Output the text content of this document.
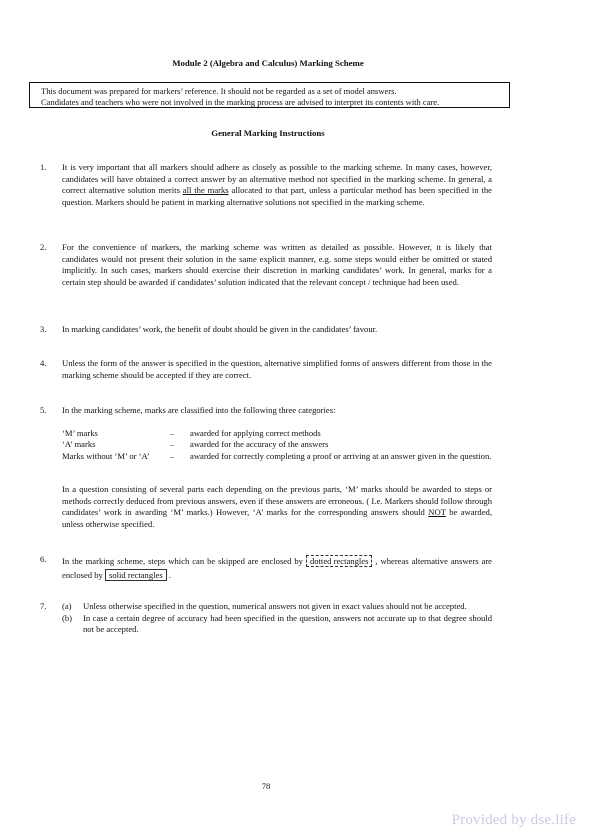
Module 2 (Algebra and Calculus) Marking Scheme
This document was prepared for markers’ reference. It should not be regarded as a set of model answers.
Candidates and teachers who were not involved in the marking process are advised to interpret its contents with care.
General Marking Instructions
1.	It is very important that all markers should adhere as closely as possible to the marking scheme. In many cases, however, candidates will have obtained a correct answer by an alternative method not specified in the marking scheme. In general, a correct alternative solution merits all the marks allocated to that part, unless a particular method has been specified in the question. Markers should be patient in marking alternative solutions not specified in the marking scheme.

2.	For the convenience of markers, the marking scheme was written as detailed as possible. However, it is likely that candidates would not present their solution in the same explicit manner, e.g. some steps would either be omitted or stated implicitly. In such cases, markers should exercise their discretion in marking candidates’ work. In general, marks for a certain step should be awarded if candidates’ solution indicated that the relevant concept / technique had been used.

3.	In marking candidates’ work, the benefit of doubt should be given in the candidates’ favour.

4.	Unless the form of the answer is specified in the question, alternative simplified forms of answers different from those in the marking scheme should be accepted if they are correct.

5.	In the marking scheme, marks are classified into the following three categories:

‘M’ marks	– awarded for applying correct methods
‘A’ marks	– awarded for the accuracy of the answers
Marks without ‘M’ or ‘A’ – awarded for correctly completing a proof or arriving at an answer given in the question.

In a question consisting of several parts each depending on the previous parts, ‘M’ marks should be awarded to steps or methods correctly deduced from previous answers, even if these answers are erroneous. ( I.e. Markers should follow through candidates’ work in awarding ‘M’ marks.) However, ‘A’ marks for the corresponding answers should NOT be awarded, unless otherwise specified.

6.	In the marking scheme, steps which can be skipped are enclosed by dotted rectangles , whereas alternative answers are enclosed by solid rectangles .

7.	(a) Unless otherwise specified in the question, numerical answers not given in exact values should not be accepted.
(b) In case a certain degree of accuracy had been specified in the question, answers not accurate up to that degree should not be accepted.
78
Provided by dse.life
